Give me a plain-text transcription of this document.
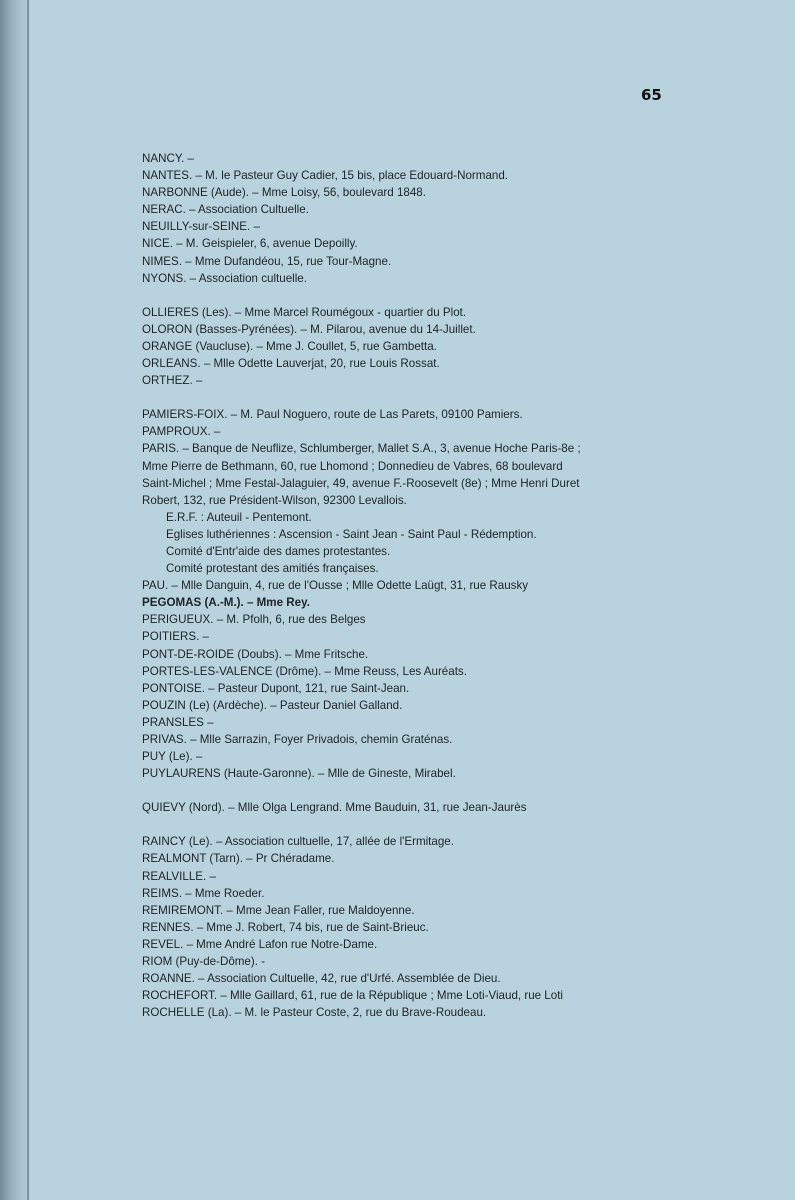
65

NANCY. –

NANTES. – M. le Pasteur Guy Cadier, 15 bis, place Edouard-Normand.

NARBONNE (Aude). – Mme Loisy, 56, boulevard 1848.

NERAC. – Association Cultuelle.

NEUILLY-sur-SEINE. –

NICE. – M. Geispieler, 6, avenue Depoilly.

NIMES. – Mme Dufandéou, 15, rue Tour-Magne.

NYONS. – Association cultuelle.

OLLIERES (Les). – Mme Marcel Roumégoux - quartier du Plot.

OLORON (Basses-Pyrénées). – M. Pilarou, avenue du 14-Juillet.

ORANGE (Vaucluse). – Mme J. Coullet, 5, rue Gambetta.

ORLEANS. – Mlle Odette Lauverjat, 20, rue Louis Rossat.

ORTHEZ. –

PAMIERS-FOIX. – M. Paul Noguero, route de Las Parets, 09100 Pamiers.

PAMPROUX. –

PARIS. – Banque de Neuflize, Schlumberger, Mallet S.A., 3, avenue Hoche Paris-8e ;

Mme Pierre de Bethmann, 60, rue Lhomond ; Donnedieu de Vabres, 68 boulevard

Saint-Michel ; Mme Festal-Jalaguier, 49, avenue F.-Roosevelt (8e) ; Mme Henri Duret

Robert, 132, rue Président-Wilson, 92300 Levallois.

E.R.F. : Auteuil - Pentemont.

Eglises luthériennes : Ascension - Saint Jean - Saint Paul - Rédemption.

Comité d'Entr'aide des dames protestantes.

Comité protestant des amitiés françaises.

PAU. – Mlle Danguin, 4, rue de l'Ousse ; Mlle Odette Laügt, 31, rue Rausky

PEGOMAS (A.-M.). – Mme Rey.

PERIGUEUX. – M. Pfolh, 6, rue des Belges

POITIERS. –

PONT-DE-ROIDE (Doubs). – Mme Fritsche.

PORTES-LES-VALENCE (Drôme). – Mme Reuss, Les Auréats.

PONTOISE. – Pasteur Dupont, 121, rue Saint-Jean.

POUZIN (Le) (Ardèche). – Pasteur Daniel Galland.

PRANSLES –

PRIVAS. – Mlle Sarrazin, Foyer Privadois, chemin Graténas.

PUY (Le). –

PUYLAURENS (Haute-Garonne). – Mlle de Gineste, Mirabel.

QUIEVY (Nord). – Mlle Olga Lengrand. Mme Bauduin, 31, rue Jean-Jaurès

RAINCY (Le). – Association cultuelle, 17, allée de l'Ermitage.

REALMONT (Tarn). – Pr Chéradame.

REALVILLE. –

REIMS. – Mme Roeder.

REMIREMONT. – Mme Jean Faller, rue Maldoyenne.

RENNES. – Mme J. Robert, 74 bis, rue de Saint-Brieuc.

REVEL. – Mme André Lafon rue Notre-Dame.

RIOM (Puy-de-Dôme). -

ROANNE. – Association Cultuelle, 42, rue d'Urfé. Assemblée de Dieu.

ROCHEFORT. – Mlle Gaillard, 61, rue de la République ; Mme Loti-Viaud, rue Loti

ROCHELLE (La). – M. le Pasteur Coste, 2, rue du Brave-Roudeau.
